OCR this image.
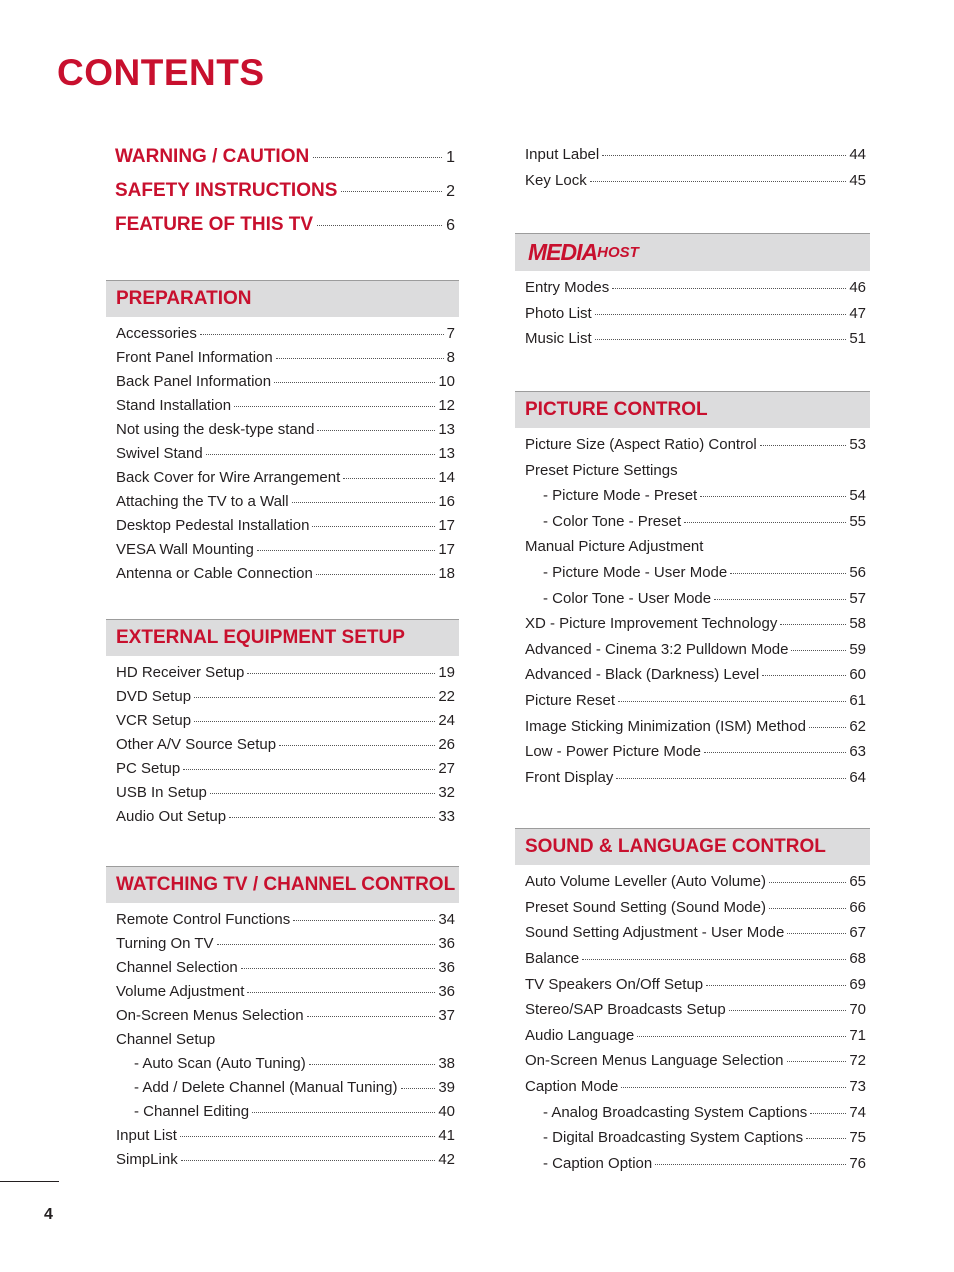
CONTENTS
WARNING / CAUTION	1
SAFETY INSTRUCTIONS	2
FEATURE OF THIS TV	6
PREPARATION
Accessories	7
Front Panel Information	8
Back Panel Information	10
Stand Installation	12
Not using the desk-type stand	13
Swivel Stand	13
Back Cover for Wire Arrangement	14
Attaching the TV to a Wall	16
Desktop Pedestal Installation	17
VESA Wall Mounting	17
Antenna or Cable Connection	18
EXTERNAL EQUIPMENT SETUP
HD Receiver Setup	19
DVD Setup	22
VCR Setup	24
Other A/V Source Setup	26
PC Setup	27
USB In Setup	32
Audio Out Setup	33
WATCHING TV / CHANNEL CONTROL
Remote Control Functions	34
Turning On TV	36
Channel Selection	36
Volume Adjustment	36
On-Screen Menus Selection	37
Channel Setup
- Auto Scan (Auto Tuning)	38
- Add / Delete Channel (Manual Tuning)	39
- Channel Editing	40
Input List	41
SimpLink	42
Input Label	44
Key Lock	45
MEDIA HOST
Entry Modes	46
Photo List	47
Music List	51
PICTURE CONTROL
Picture Size (Aspect Ratio) Control	53
Preset Picture Settings
- Picture Mode - Preset	54
- Color Tone - Preset	55
Manual Picture Adjustment
- Picture Mode - User Mode	56
- Color Tone - User Mode	57
XD - Picture Improvement Technology	58
Advanced - Cinema 3:2 Pulldown Mode	59
Advanced - Black (Darkness) Level	60
Picture Reset	61
Image Sticking Minimization (ISM) Method	62
Low - Power Picture Mode	63
Front Display	64
SOUND & LANGUAGE CONTROL
Auto Volume Leveller (Auto Volume)	65
Preset Sound Setting (Sound Mode)	66
Sound Setting Adjustment - User Mode	67
Balance	68
TV Speakers On/Off Setup	69
Stereo/SAP Broadcasts Setup	70
Audio Language	71
On-Screen Menus Language Selection	72
Caption Mode	73
- Analog Broadcasting System Captions	74
- Digital Broadcasting System Captions	75
- Caption Option	76
4
